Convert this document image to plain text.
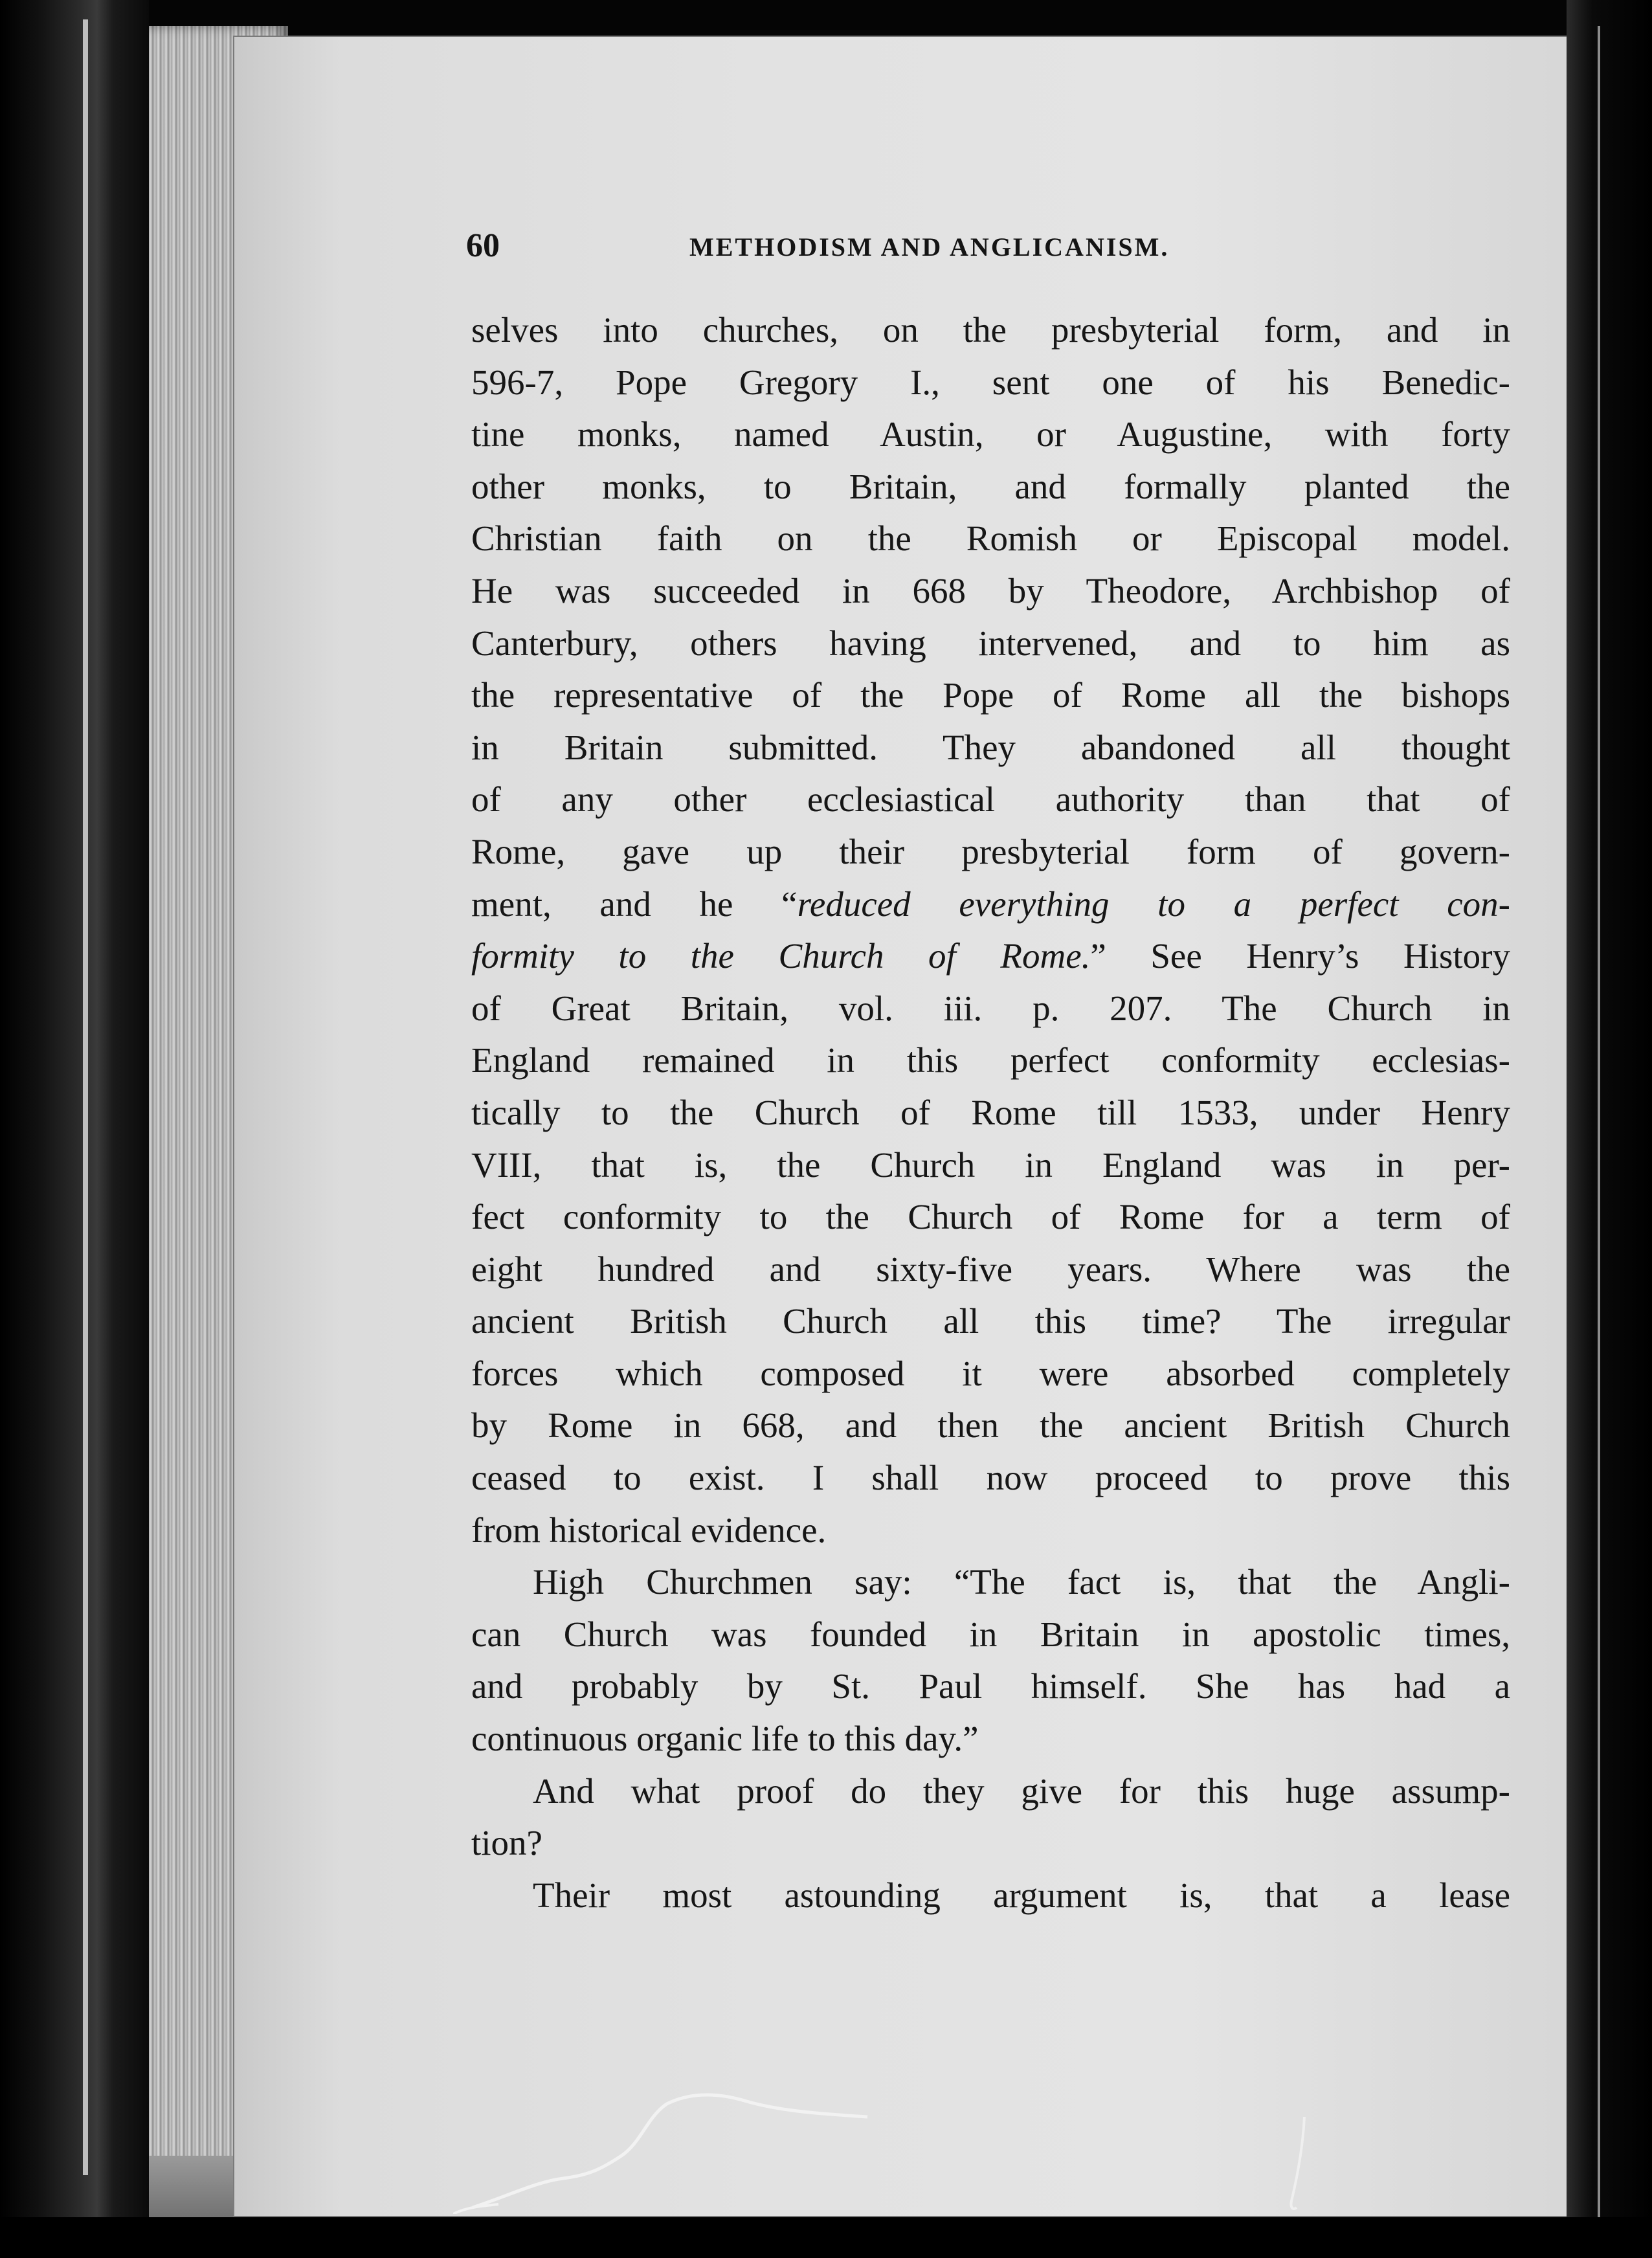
60	METHODISM AND ANGLICANISM.
selves into churches, on the presbyterial form, and in
596-7, Pope Gregory I., sent one of his Benedic-
tine monks, named Austin, or Augustine, with forty
other monks, to Britain, and formally planted the
Christian faith on the Romish or Episcopal model.
He was succeeded in 668 by Theodore, Archbishop of
Canterbury, others having intervened, and to him as
the representative of the Pope of Rome all the bishops
in Britain submitted. They abandoned all thought
of any other ecclesiastical authority than that of
Rome, gave up their presbyterial form of govern-
ment, and he “reduced everything to a perfect con-
formity to the Church of Rome.” See Henry’s History
of Great Britain, vol. iii. p. 207. The Church in
England remained in this perfect conformity ecclesias-
tically to the Church of Rome till 1533, under Henry
VIII, that is, the Church in England was in per-
fect conformity to the Church of Rome for a term of
eight hundred and sixty-five years. Where was the
ancient British Church all this time? The irregular
forces which composed it were absorbed completely
by Rome in 668, and then the ancient British Church
ceased to exist. I shall now proceed to prove this
from historical evidence.
High Churchmen say: “The fact is, that the Angli-
can Church was founded in Britain in apostolic times,
and probably by St. Paul himself. She has had a
continuous organic life to this day.”
And what proof do they give for this huge assump-
tion?
Their most astounding argument is, that a lease
